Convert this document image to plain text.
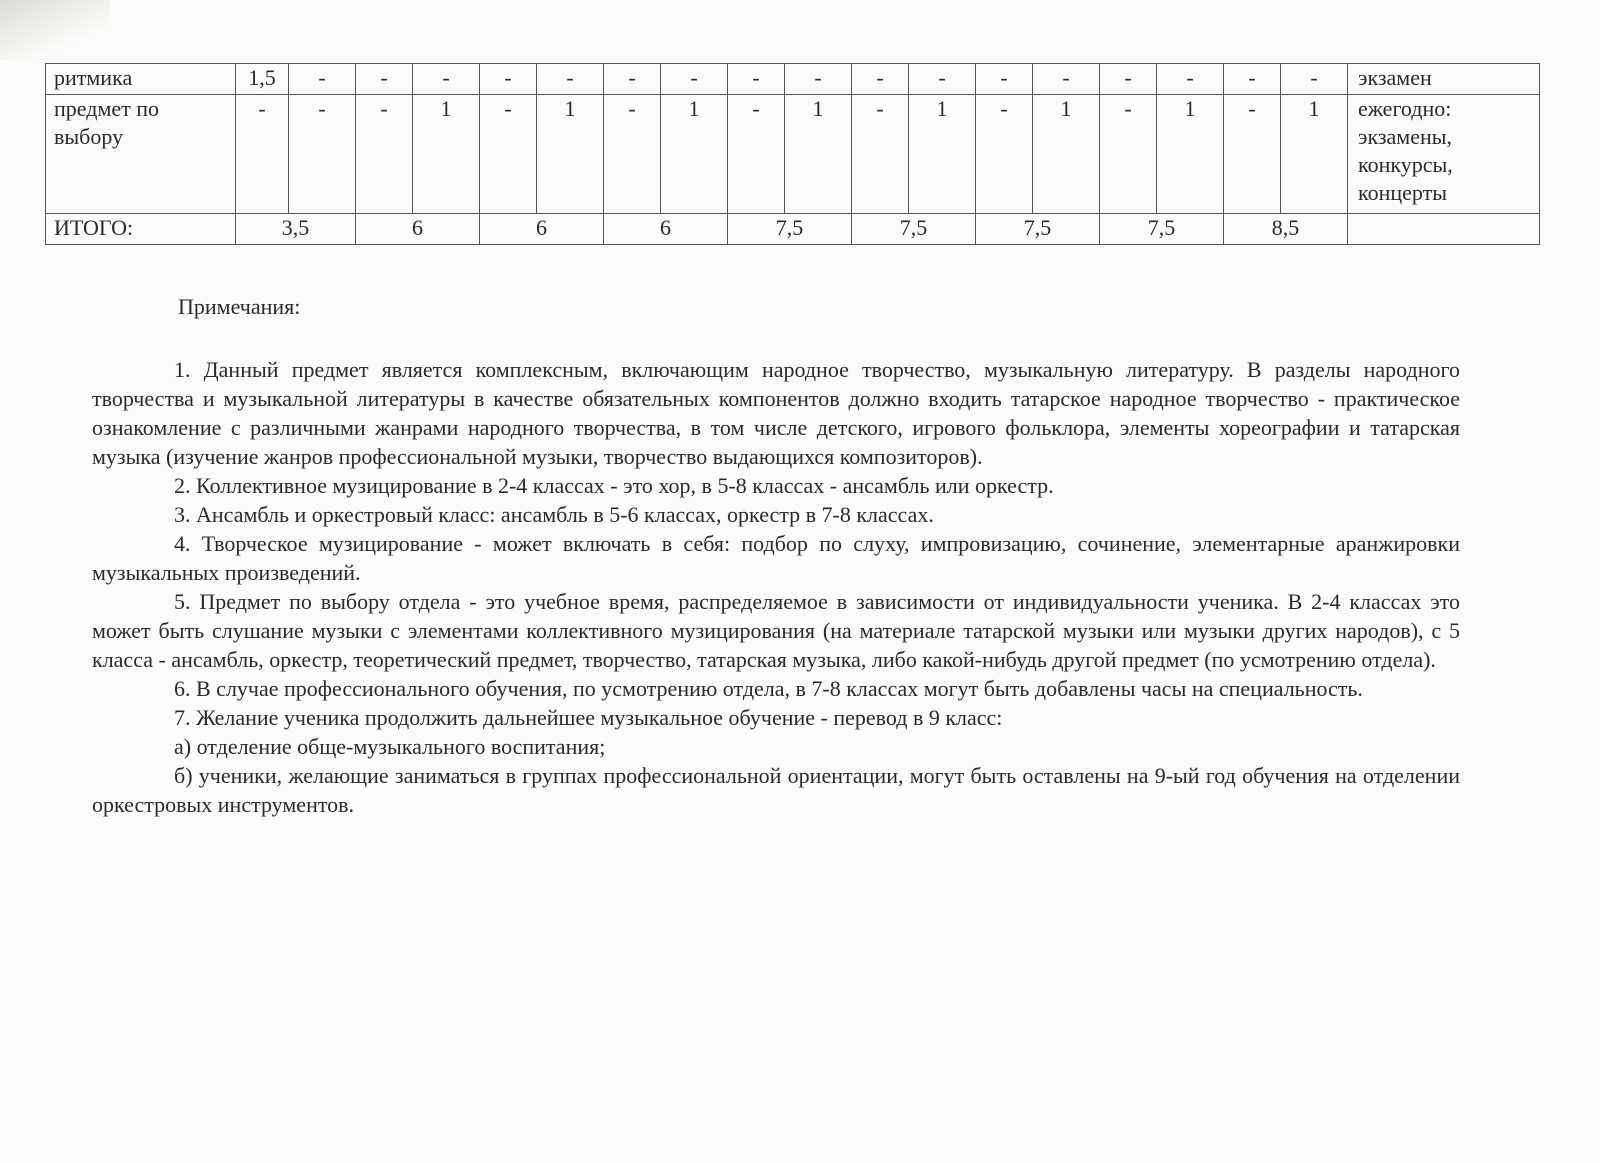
ритмика	1,5	-	-	-	-	-	-	-	-	-	-	-	-	-	-	-	-	-	экзамен
предмет по выбору	-	-	-	1	-	1	-	1	-	1	-	1	-	1	-	1	-	1	ежегодно: экзамены, конкурсы, концерты
ИТОГО:	3,5		6		6		6		7,5		7,5		7,5		7,5		8,5		
Примечания:

1. Данный предмет является комплексным, включающим народное творчество, музыкальную литературу. В разделы народного творчества и музыкальной литературы в качестве обязательных компонентов должно входить татарское народное творчество - практическое ознакомление с различными жанрами народного творчества, в том числе детского, игрового фольклора, элементы хореографии и татарская музыка (изучение жанров профессиональной музыки, творчество выдающихся композиторов).

2. Коллективное музицирование в 2-4 классах - это хор, в 5-8 классах - ансамбль или оркестр.

3. Ансамбль и оркестровый класс: ансамбль в 5-6 классах, оркестр в 7-8 классах.

4. Творческое музицирование - может включать в себя: подбор по слуху, импровизацию, сочинение, элементарные аранжировки музыкальных произведений.

5. Предмет по выбору отдела - это учебное время, распределяемое в зависимости от индивидуальности ученика. В 2-4 классах это может быть слушание музыки с элементами коллективного музицирования (на материале татарской музыки или музыки других народов), с 5 класса - ансамбль, оркестр, теоретический предмет, творчество, татарская музыка, либо какой-нибудь другой предмет (по усмотрению отдела).

6. В случае профессионального обучения, по усмотрению отдела, в 7-8 классах могут быть добавлены часы на специальность.

7. Желание ученика продолжить дальнейшее музыкальное обучение - перевод в 9 класс:

а) отделение обще-музыкального воспитания;

б) ученики, желающие заниматься в группах профессиональной ориентации, могут быть оставлены на 9-ый год обучения на отделении оркестровых инструментов.
